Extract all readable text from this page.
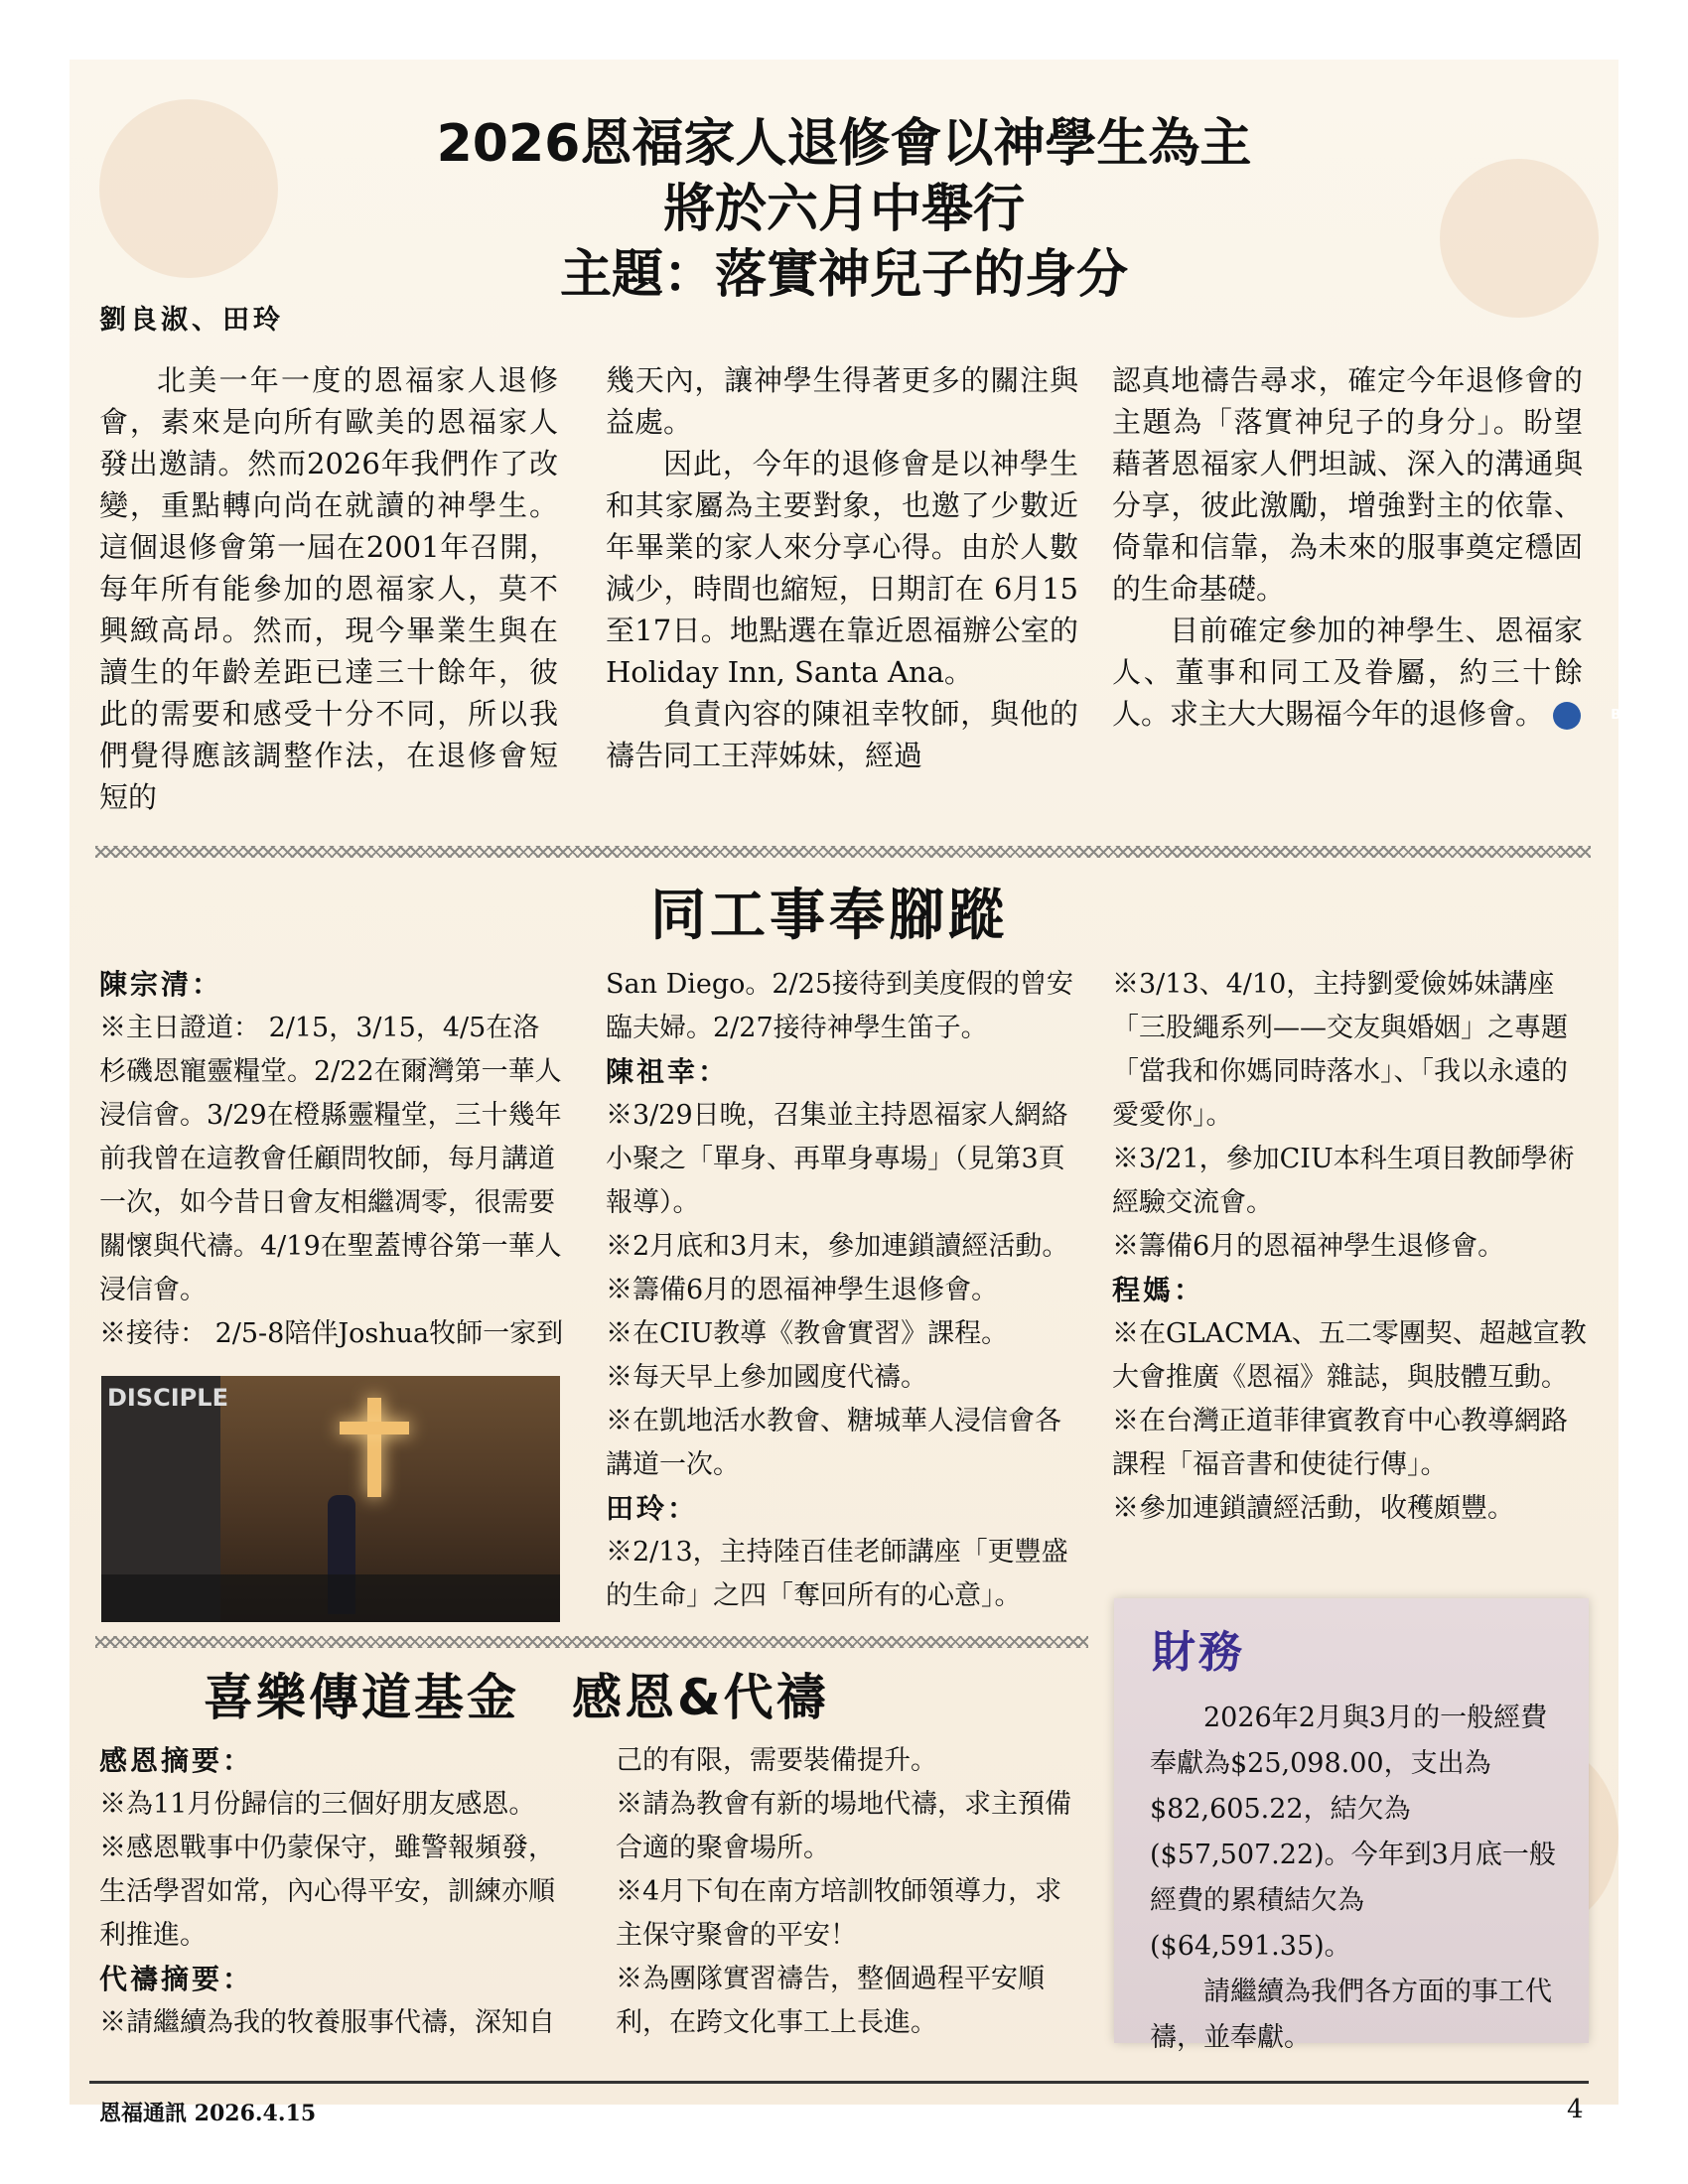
2026恩福家人退修會以神學生為主
將於六月中舉行
主題：落實神兒子的身分
劉良淑、田玲

北美一年一度的恩福家人退修會，素來是向所有歐美的恩福家人發出邀請。然而2026年我們作了改變，重點轉向尚在就讀的神學生。這個退修會第一屆在2001年召開，每年所有能參加的恩福家人，莫不興緻高昂。然而，現今畢業生與在讀生的年齡差距已達三十餘年，彼此的需要和感受十分不同，所以我們覺得應該調整作法，在退修會短短的

幾天內，讓神學生得著更多的關注與益處。

因此，今年的退修會是以神學生和其家屬為主要對象，也邀了少數近年畢業的家人來分享心得。由於人數減少，時間也縮短，日期訂在 6月15至17日。地點選在靠近恩福辦公室的Holiday Inn, Santa Ana。

負責內容的陳祖幸牧師，與他的禱告同工王萍姊妹，經過

認真地禱告尋求，確定今年退修會的主題為「落實神兒子的身分」。盼望藉著恩福家人們坦誠、深入的溝通與分享，彼此激勵，增強對主的依靠、倚靠和信靠，為未來的服事奠定穩固的生命基礎。

目前確定參加的神學生、恩福家人、董事和同工及眷屬，約三十餘人。求主大大賜福今年的退修會。	BF

同工事奉腳蹤
陳宗清：
※主日證道： 2/15，3/15，4/5在洛杉磯恩寵靈糧堂。2/22在爾灣第一華人浸信會。3/29在橙縣靈糧堂，三十幾年前我曾在這教會任顧問牧師，每月講道一次，如今昔日會友相繼凋零，很需要關懷與代禱。4/19在聖蓋博谷第一華人浸信會。
※接待： 2/5-8陪伴Joshua牧師一家到
DISCIPLE
San Diego。2/25接待到美度假的曾安臨夫婦。2/27接待神學生笛子。
陳祖幸：
※3/29日晚，召集並主持恩福家人網絡小聚之「單身、再單身專場」（見第3頁報導）。
※2月底和3月末，參加連鎖讀經活動。
※籌備6月的恩福神學生退修會。
※在CIU教導《教會實習》課程。
※每天早上參加國度代禱。
※在凱地活水教會、糖城華人浸信會各講道一次。
田玲：
※2/13，主持陸百佳老師講座「更豐盛的生命」之四「奪回所有的心意」。
※3/13、4/10，主持劉愛儉姊妹講座「三股繩系列——交友與婚姻」之專題「當我和你媽同時落水」、「我以永遠的愛愛你」。
※3/21，參加CIU本科生項目教師學術經驗交流會。
※籌備6月的恩福神學生退修會。
程媽：
※在GLACMA、五二零團契、超越宣教大會推廣《恩福》雜誌，與肢體互動。
※在台灣正道菲律賓教育中心教導網路課程「福音書和使徒行傳」。
※參加連鎖讀經活動，收穫頗豐。
喜樂傳道基金　感恩&代禱
感恩摘要：
※為11月份歸信的三個好朋友感恩。
※感恩戰事中仍蒙保守，雖警報頻發，生活學習如常，內心得平安，訓練亦順利推進。
代禱摘要：
※請繼續為我的牧養服事代禱，深知自
己的有限，需要裝備提升。
※請為教會有新的場地代禱，求主預備合適的聚會場所。
※4月下旬在南方培訓牧師領導力，求主保守聚會的平安！
※為團隊實習禱告，整個過程平安順利，在跨文化事工上長進。
財務

2026年2月與3月的一般經費奉獻為$25,098.00，支出為$82,605.22，結欠為($57,507.22)。今年到3月底一般經費的累積結欠為($64,591.35)。

請繼續為我們各方面的事工代禱，並奉獻。

恩福通訊 2026.4.15	4
